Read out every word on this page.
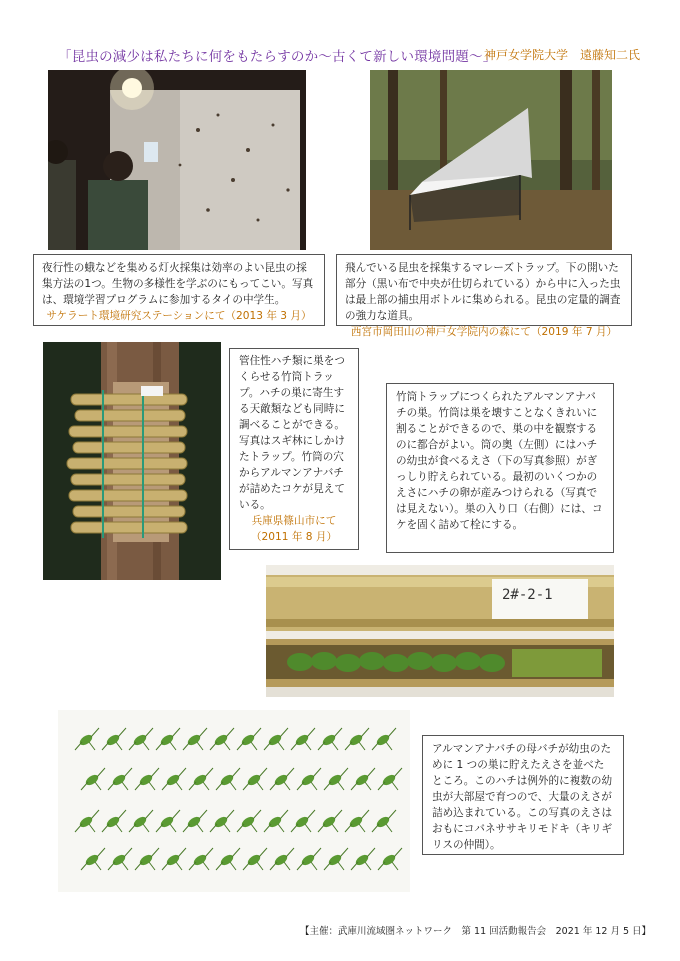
「昆虫の減少は私たちに何をもたらすのか～古くて新しい環境問題～」
神戸女学院大学　遠藤知二氏

夜行性の蛾などを集める灯火採集は効率のよい昆虫の採集方法の1つ。生物の多様性を学ぶのにもってこい。写真は、環境学習プログラムに参加するタイの中学生。

サケラート環境研究ステーションにて（2013 年 3 月）

飛んでいる昆虫を採集するマレーズトラップ。下の開いた部分（黒い布で中央が仕切られている）から中に入った虫は最上部の捕虫用ボトルに集められる。昆虫の定量的調査の強力な道具。

西宮市岡田山の神戸女学院内の森にて（2019 年 7 月）

管住性ハチ類に巣をつくらせる竹筒トラップ。ハチの巣に寄生する天敵類なども同時に調べることができる。写真はスギ林にしかけたトラップ。竹筒の穴からアルマンアナバチが詰めたコケが見えている。

兵庫県篠山市にて（2011 年 8 月）

竹筒トラップにつくられたアルマンアナバチの巣。竹筒は巣を壊すことなくきれいに割ることができるので、巣の中を観察するのに都合がよい。筒の奥（左側）にはハチの幼虫が食べるえさ（下の写真参照）がぎっしり貯えられている。最初のいくつかのえさにハチの卵が産みつけられる（写真では見えない）。巣の入り口（右側）には、コケを固く詰めて栓にする。

2#-2-1

アルマンアナバチの母バチが幼虫のために 1 つの巣に貯えたえさを並べたところ。このハチは例外的に複数の幼虫が大部屋で育つので、大量のえさが詰め込まれている。この写真のえさはおもにコバネササキリモドキ（キリギリスの仲間）。

【主催：武庫川流域圏ネットワーク　第 11 回活動報告会　2021 年 12 月 5 日】
